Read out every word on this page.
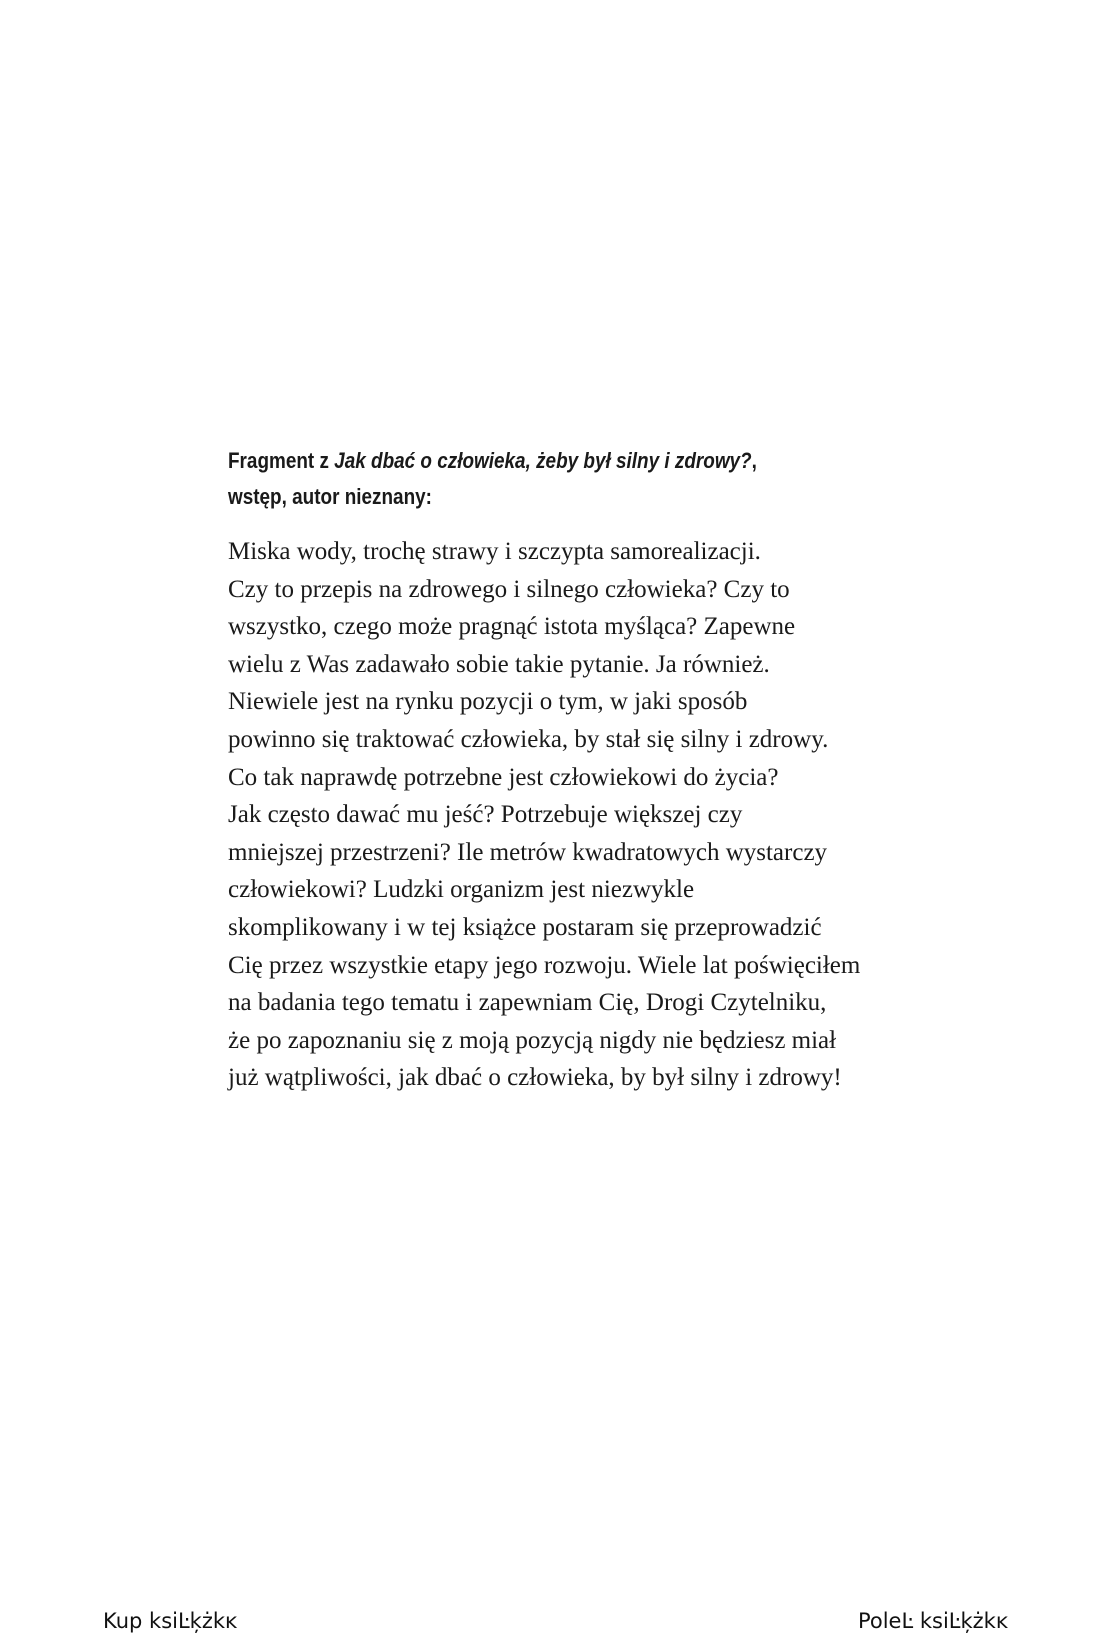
Fragment z Jak dbać o człowieka, żeby był silny i zdrowy?,
wstęp, autor nieznany:
Miska wody, trochę strawy i szczypta samorealizacji.
Czy to przepis na zdrowego i silnego człowieka? Czy to
wszystko, czego może pragnąć istota myśląca? Zapewne
wielu z Was zadawało sobie takie pytanie. Ja również.
Niewiele jest na rynku pozycji o tym, w jaki sposób
powinno się traktować człowieka, by stał się silny i zdrowy.
Co tak naprawdę potrzebne jest człowiekowi do życia?
Jak często dawać mu jeść? Potrzebuje większej czy
mniejszej przestrzeni? Ile metrów kwadratowych wystarczy
człowiekowi? Ludzki organizm jest niezwykle
skomplikowany i w tej książce postaram się przeprowadzić
Cię przez wszystkie etapy jego rozwoju. Wiele lat poświęciłem
na badania tego tematu i zapewniam Cię, Drogi Czytelniku,
że po zapoznaniu się z moją pozycją nigdy nie będziesz miał
już wątpliwości, jak dbać o człowieka, by był silny i zdrowy!
Kup ksiĿķżkĸ	PoleĿ ksiĿķżkĸ
